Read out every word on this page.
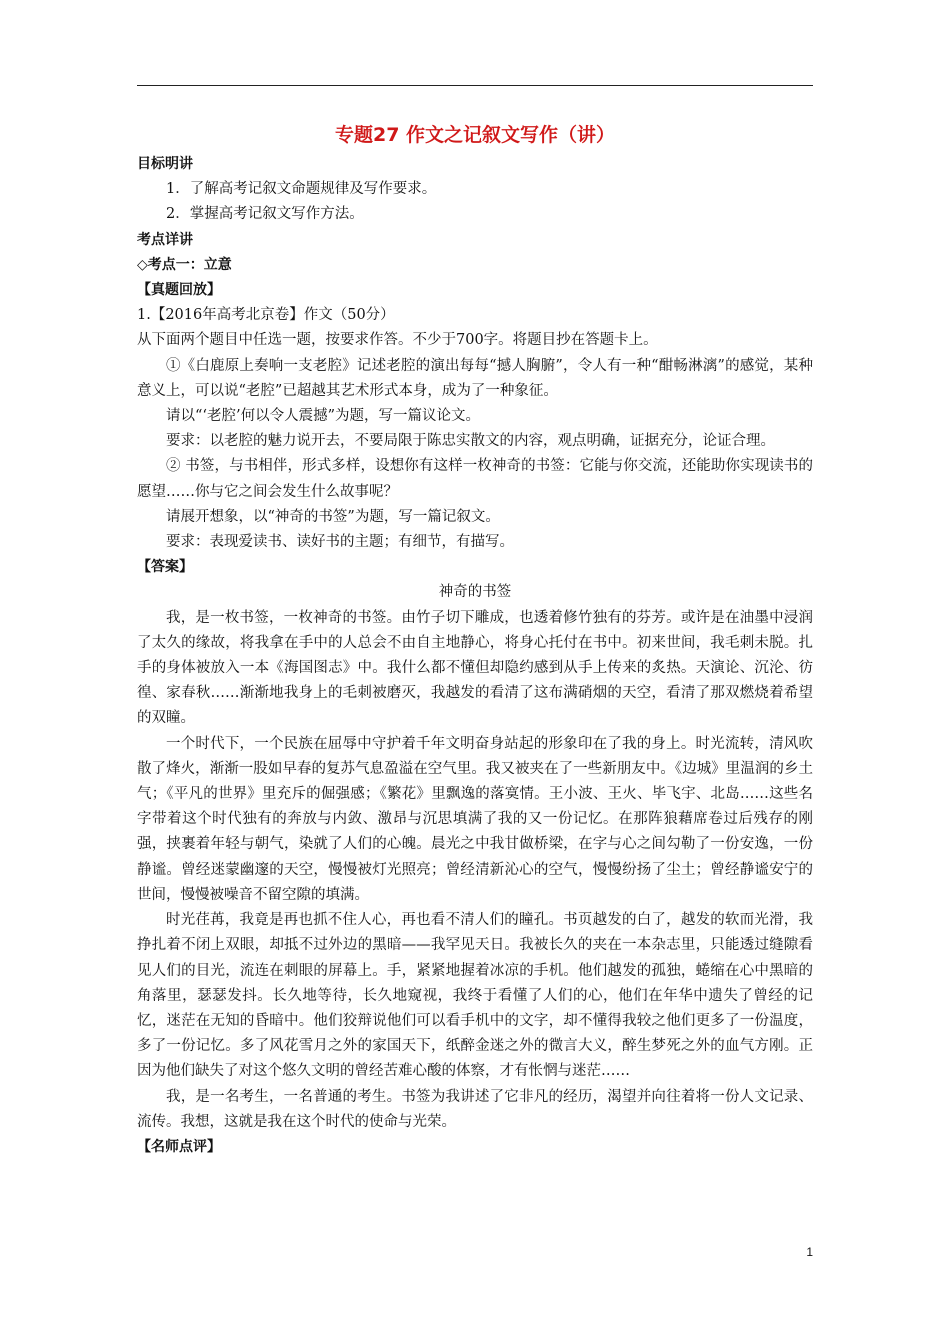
专题27 作文之记叙文写作（讲）
目标明讲
1．了解高考记叙文命题规律及写作要求。
2．掌握高考记叙文写作方法。
考点详讲
◇考点一：立意
【真题回放】
1.【2016年高考北京卷】作文（50分）
从下面两个题目中任选一题，按要求作答。不少于700字。将题目抄在答题卡上。
①《白鹿原上奏响一支老腔》记述老腔的演出每每“撼人胸腑”，令人有一种“酣畅淋漓”的感觉，某种意义上，可以说“老腔”已超越其艺术形式本身，成为了一种象征。
请以“‘老腔’何以令人震撼”为题，写一篇议论文。
要求：以老腔的魅力说开去，不要局限于陈忠实散文的内容，观点明确，证据充分，论证合理。
② 书签，与书相伴，形式多样，设想你有这样一枚神奇的书签：它能与你交流，还能助你实现读书的愿望……你与它之间会发生什么故事呢？
请展开想象，以“神奇的书签”为题，写一篇记叙文。
要求：表现爱读书、读好书的主题；有细节，有描写。
【答案】
神奇的书签
我，是一枚书签，一枚神奇的书签。由竹子切下雕成，也透着修竹独有的芬芳。或许是在油墨中浸润了太久的缘故，将我拿在手中的人总会不由自主地静心，将身心托付在书中。初来世间，我毛刺未脱。扎手的身体被放入一本《海国图志》中。我什么都不懂但却隐约感到从手上传来的炙热。天演论、沉沦、彷徨、家春秋……渐渐地我身上的毛刺被磨灭，我越发的看清了这布满硝烟的天空，看清了那双燃烧着希望的双瞳。
一个时代下，一个民族在屈辱中守护着千年文明奋身站起的形象印在了我的身上。时光流转，清风吹散了烽火，渐渐一股如早春的复苏气息盈溢在空气里。我又被夹在了一些新朋友中。《边城》里温润的乡土气；《平凡的世界》里充斥的倔强感；《繁花》里飘逸的落寞情。王小波、王火、毕飞宇、北岛……这些名字带着这个时代独有的奔放与内敛、激昂与沉思填满了我的又一份记忆。在那阵狼藉席卷过后残存的刚强，挟裹着年轻与朝气，染就了人们的心魄。晨光之中我甘做桥梁，在字与心之间勾勒了一份安逸，一份静谧。曾经迷蒙幽邃的天空，慢慢被灯光照亮；曾经清新沁心的空气，慢慢纷扬了尘土；曾经静谧安宁的世间，慢慢被噪音不留空隙的填满。
时光荏苒，我竟是再也抓不住人心，再也看不清人们的瞳孔。书页越发的白了，越发的软而光滑，我挣扎着不闭上双眼，却抵不过外边的黑暗——我罕见天日。我被长久的夹在一本杂志里，只能透过缝隙看见人们的目光，流连在刺眼的屏幕上。手，紧紧地握着冰凉的手机。他们越发的孤独，蜷缩在心中黑暗的角落里，瑟瑟发抖。长久地等待，长久地窥视，我终于看懂了人们的心，他们在年华中遗失了曾经的记忆，迷茫在无知的昏暗中。他们狡辩说他们可以看手机中的文字，却不懂得我较之他们更多了一份温度，多了一份记忆。多了风花雪月之外的家国天下，纸醉金迷之外的微言大义，醉生梦死之外的血气方刚。正因为他们缺失了对这个悠久文明的曾经苦难心酸的体察，才有怅惘与迷茫……
我，是一名考生，一名普通的考生。书签为我讲述了它非凡的经历，渴望并向往着将一份人文记录、流传。我想，这就是我在这个时代的使命与光荣。
【名师点评】
1
